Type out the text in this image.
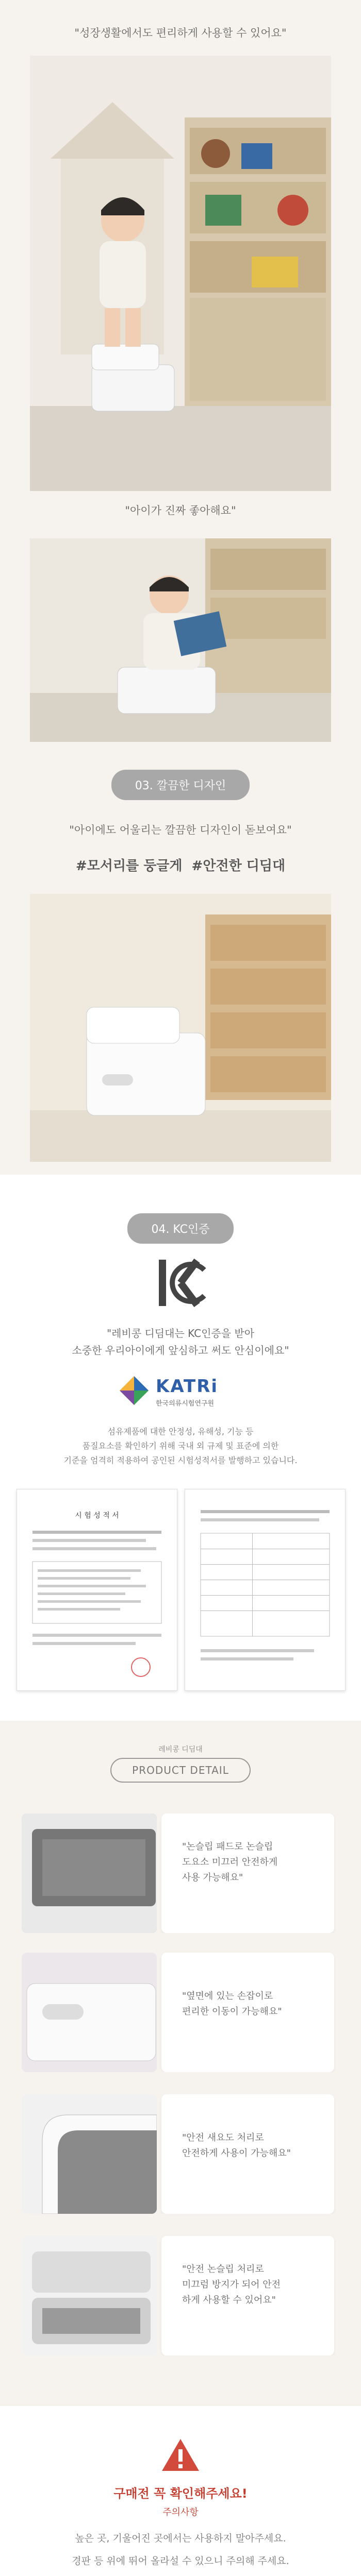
"성장생활에서도 편리하게 사용할 수 있어요"
"아이가 진짜 좋아해요"
03. 깔끔한 디자인
"아이에도 어울리는 깔끔한 디자인이 돋보여요"
#모서리를 둥글게 #안전한 디딤대
04. KC인증
"레비콩 디딤대는 KC인증을 받아
소중한 우리아이에게 앞심하고 써도 안심이에요"
KATRi
한국의류시험연구원
섬유제품에 대한 안정성, 유해성, 기능 등
품질요소를 확인하기 위해 국내 외 규제 및 표준에 의한
기준을 엄격히 적용하여 공인된 시험성적서를 발행하고 있습니다.
시 험 성 적 서
레비콩 디딤대
PRODUCT DETAIL
"논슬립 패드로 논슬립
도요소 미끄러 안전하게
사용 가능해요"
"옆면에 있는 손잡이로
편리한 이동이 가능해요"
"안전 새요도 처리로
안전하게 사용이 가능해요"
"안전 논슬립 처리로
미끄럼 방지가 되어 안전
하게 사용할 수 있어요"
구매전 꼭 확인해주세요!
주의사항
높은 곳, 기울어진 곳에서는 사용하지 말아주세요.
경판 등 위에 뛰어 올라설 수 있으니 주의해 주세요.
